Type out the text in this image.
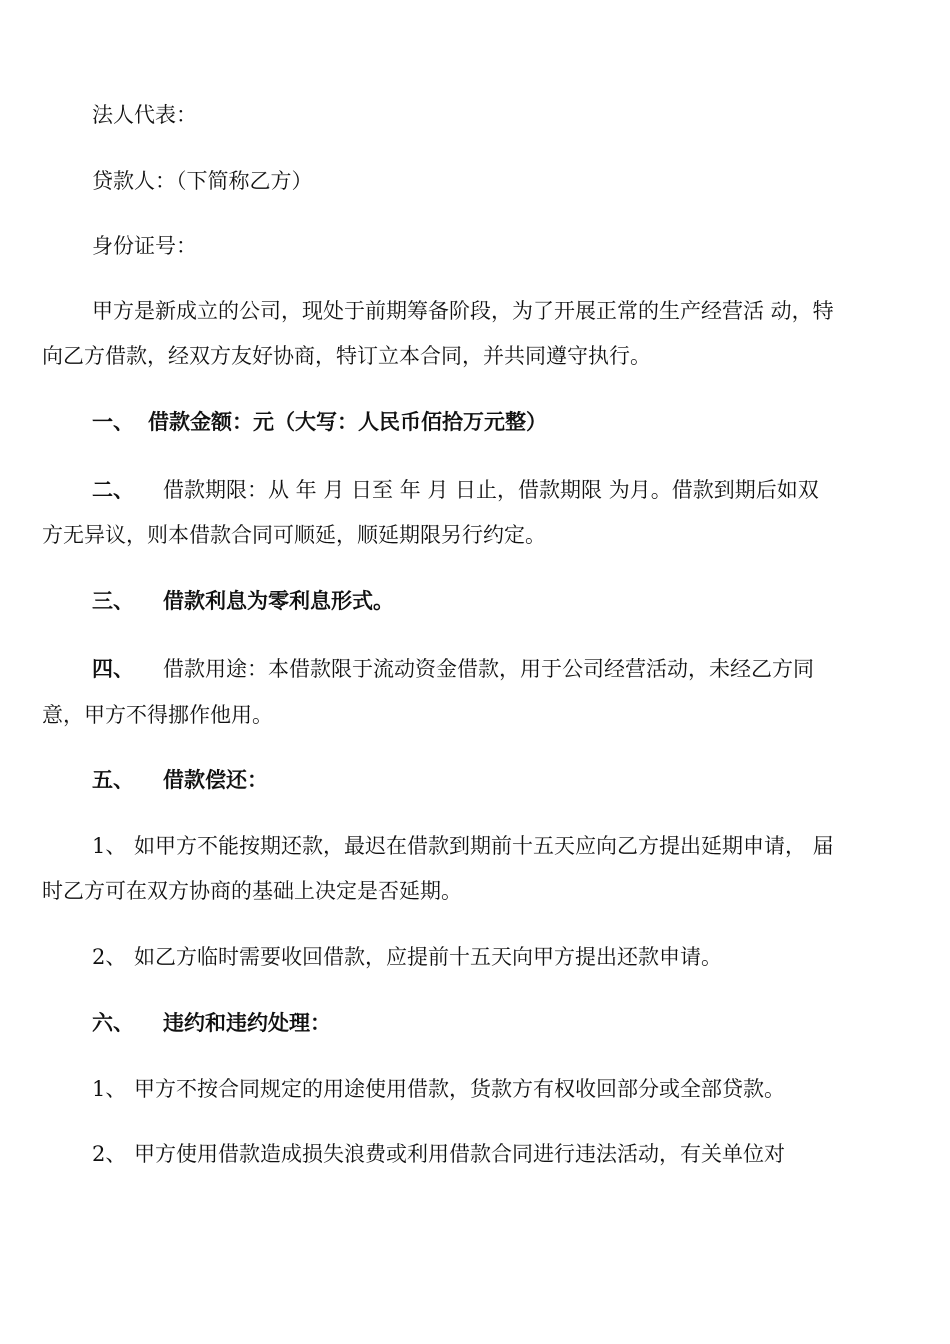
法人代表：
贷款人：（下简称乙方）
身份证号：
甲方是新成立的公司，现处于前期筹备阶段，为了开展正常的生产经营活 动，特
向乙方借款，经双方友好协商，特订立本合同，并共同遵守执行。
一、 借款金额：元（大写：人民币佰拾万元整）
二、 借款期限：从 年 月 日至 年 月 日止，借款期限 为月。借款到期后如双
方无异议，则本借款合同可顺延，顺延期限另行约定。
三、 借款利息为零利息形式。
四、 借款用途：本借款限于流动资金借款，用于公司经营活动，未经乙方同
意，甲方不得挪作他用。
五、 借款偿还：
1、 如甲方不能按期还款，最迟在借款到期前十五天应向乙方提出延期申请， 届
时乙方可在双方协商的基础上决定是否延期。
2、 如乙方临时需要收回借款，应提前十五天向甲方提出还款申请。
六、 违约和违约处理：
1、 甲方不按合同规定的用途使用借款，货款方有权收回部分或全部贷款。
2、 甲方使用借款造成损失浪费或利用借款合同进行违法活动，有关单位对
